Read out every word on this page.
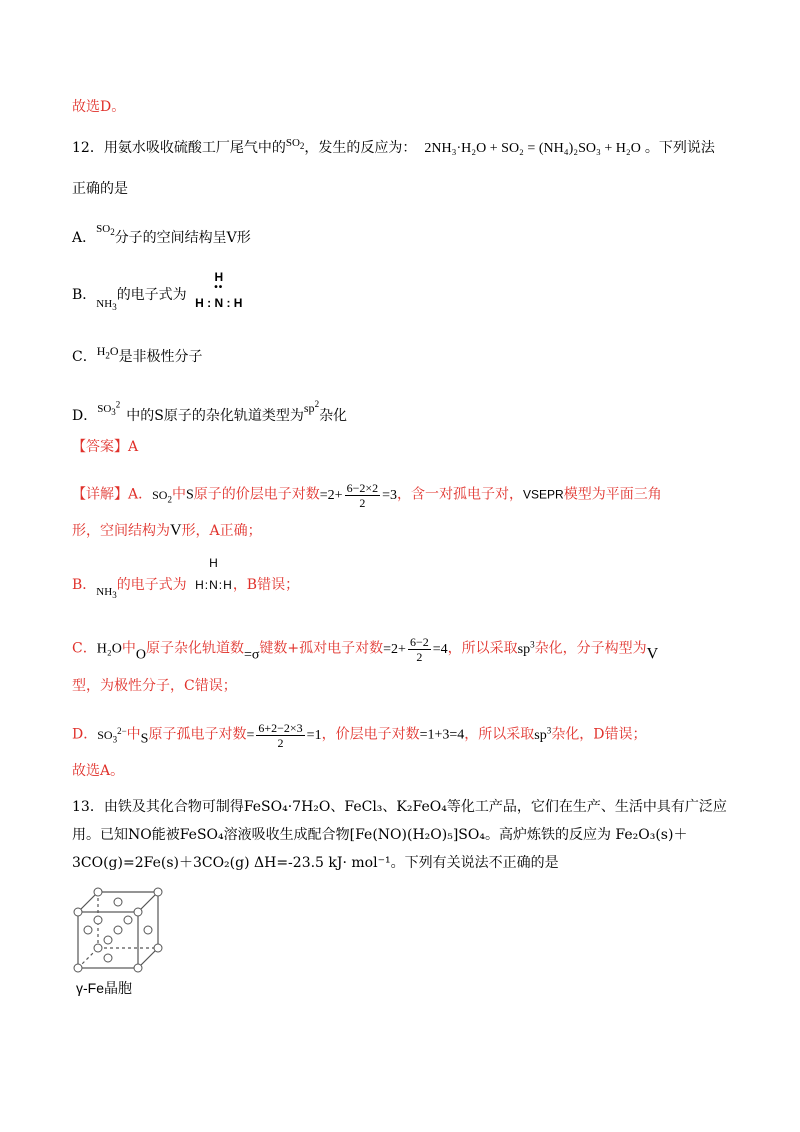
故选D。
12．用氨水吸收硫酸工厂尾气中的$^{SO_2}$，发生的反应为： 2NH₃·H₂O + SO₂ = (NH₄)₂SO₃ + H₂O 。下列说法
正确的是
A．$^{SO_2}$分子的空间结构呈V形
B．$_{NH_3}$的电子式为
H
••
H : N : H
C．$H_2O$是非极性分子
D．$^{SO_3^2}$中的S原子的杂化轨道类型为$sp^2$杂化
【答案】A
【详解】A．$SO_2$中S原子的价层电子对数$=2+ \frac{6-2\times 2}{2} =3$，含一对孤电子对，VSEPR模型为平面三角
形，空间结构为V形，A正确；
B．$_{NH_3}$的电子式为
H
H:N:H，B错误；
C．H₂O中O原子杂化轨道数=σ键数+孤对电子对数$=2+ \frac{6-2}{2} =4$，所以采取$sp^3$杂化，分子构型为V
型，为极性分子，C错误；
D．$SO_3^{2-}$中S原子孤电子对数= $\frac{6+2-2\times 3}{2} =1$，价层电子对数=1+3=4，所以采取$sp^3$杂化，D错误；
故选A。
13．由铁及其化合物可制得FeSO₄·7H₂O、FeCl₃、K₂FeO₄等化工产品，它们在生产、生活中具有广泛应
用。已知NO能被FeSO₄溶液吸收生成配合物[Fe(NO)(H₂O)₅]SO₄。高炉炼铁的反应为 Fe₂O₃(s)＋
3CO(g)=2Fe(s)＋3CO₂(g) ΔH=-23.5 kJ· mol⁻¹。下列有关说法不正确的是
γ-Fe晶胞
